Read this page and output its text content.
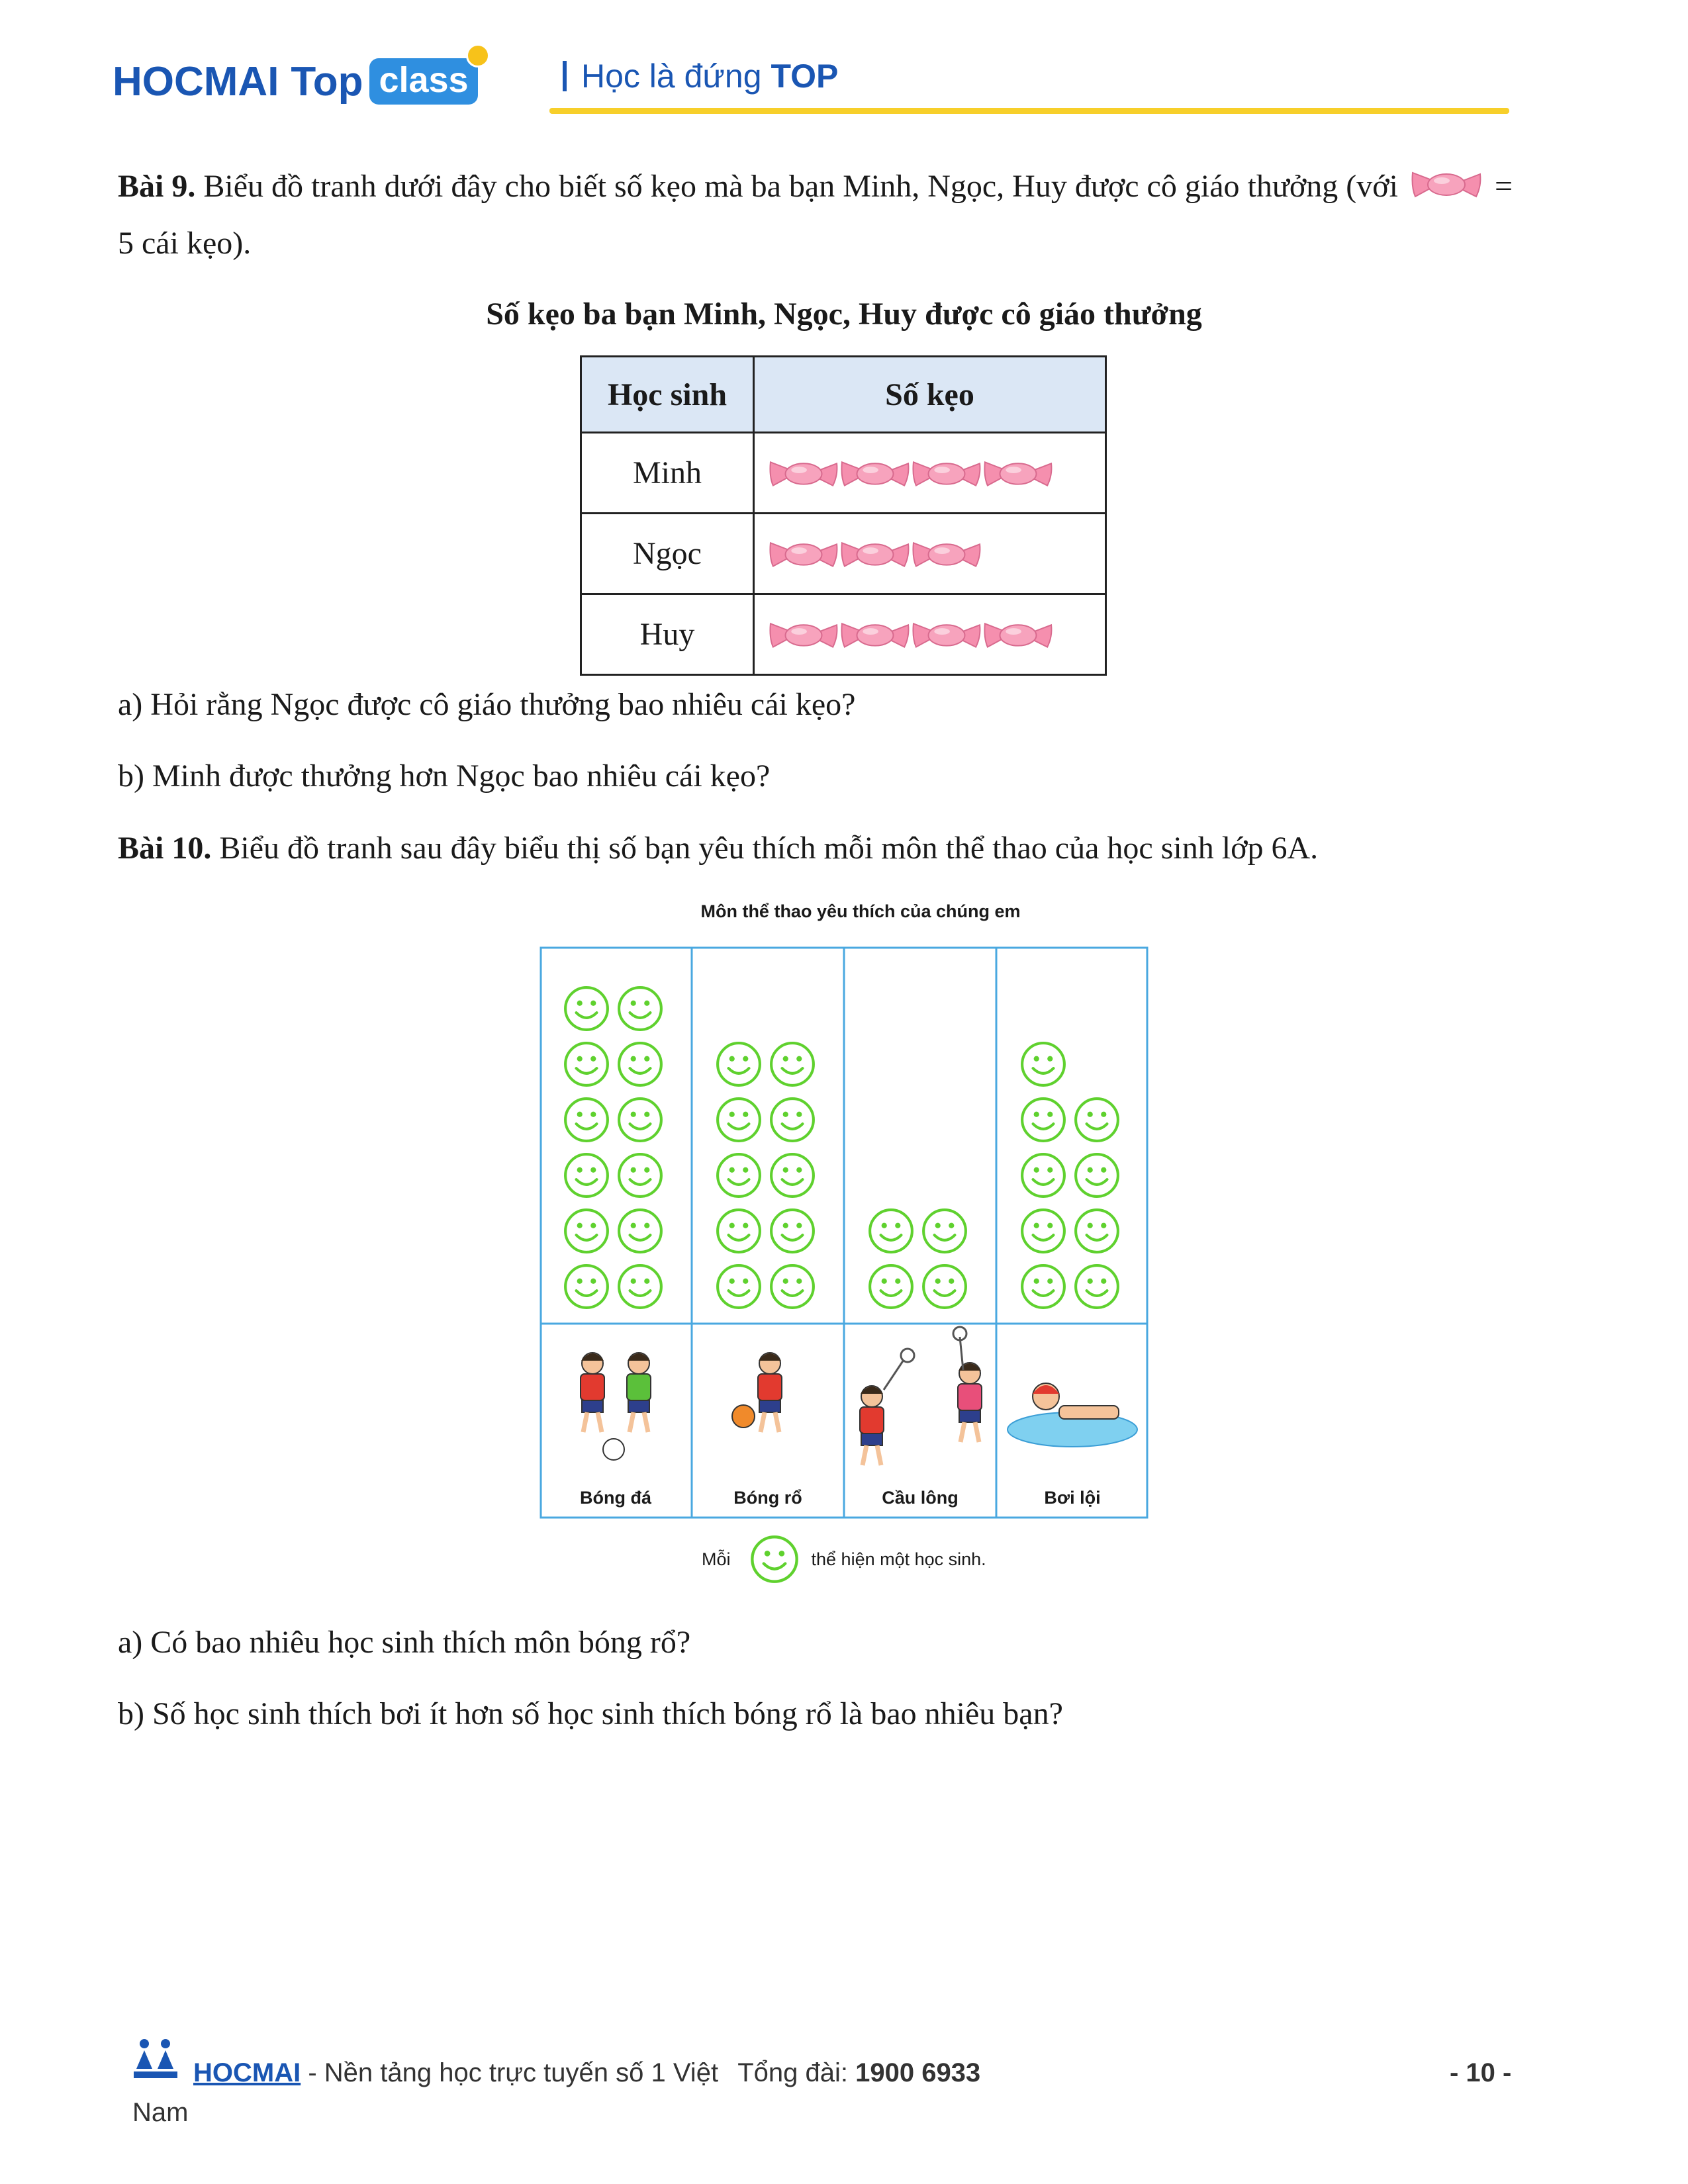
HOCMAI Top class	Học là đứng TOP
Bài 9. Biểu đồ tranh dưới đây cho biết số kẹo mà ba bạn Minh, Ngọc, Huy được cô giáo thưởng (với	=
5 cái kẹo).
Số kẹo ba bạn Minh, Ngọc, Huy được cô giáo thưởng
Học sinh	Số kẹo
Minh	

Ngọc	

Huy	
a) Hỏi rằng Ngọc được cô giáo thưởng bao nhiêu cái kẹo?
b) Minh được thưởng hơn Ngọc bao nhiêu cái kẹo?
Bài 10. Biểu đồ tranh sau đây biểu thị số bạn yêu thích mỗi môn thể thao của học sinh lớp 6A.
Môn thể thao yêu thích của chúng em
Bóng đá	Bóng rổ	Cầu lông	Bơi lội
Mỗi	thể hiện một học sinh.
a) Có bao nhiêu học sinh thích môn bóng rổ?
b) Số học sinh thích bơi ít hơn số học sinh thích bóng rổ là bao nhiêu bạn?
HOCMAI - Nền tảng học trực tuyến số 1 Việt Tổng đài: 1900 6933	- 10 -
Nam
